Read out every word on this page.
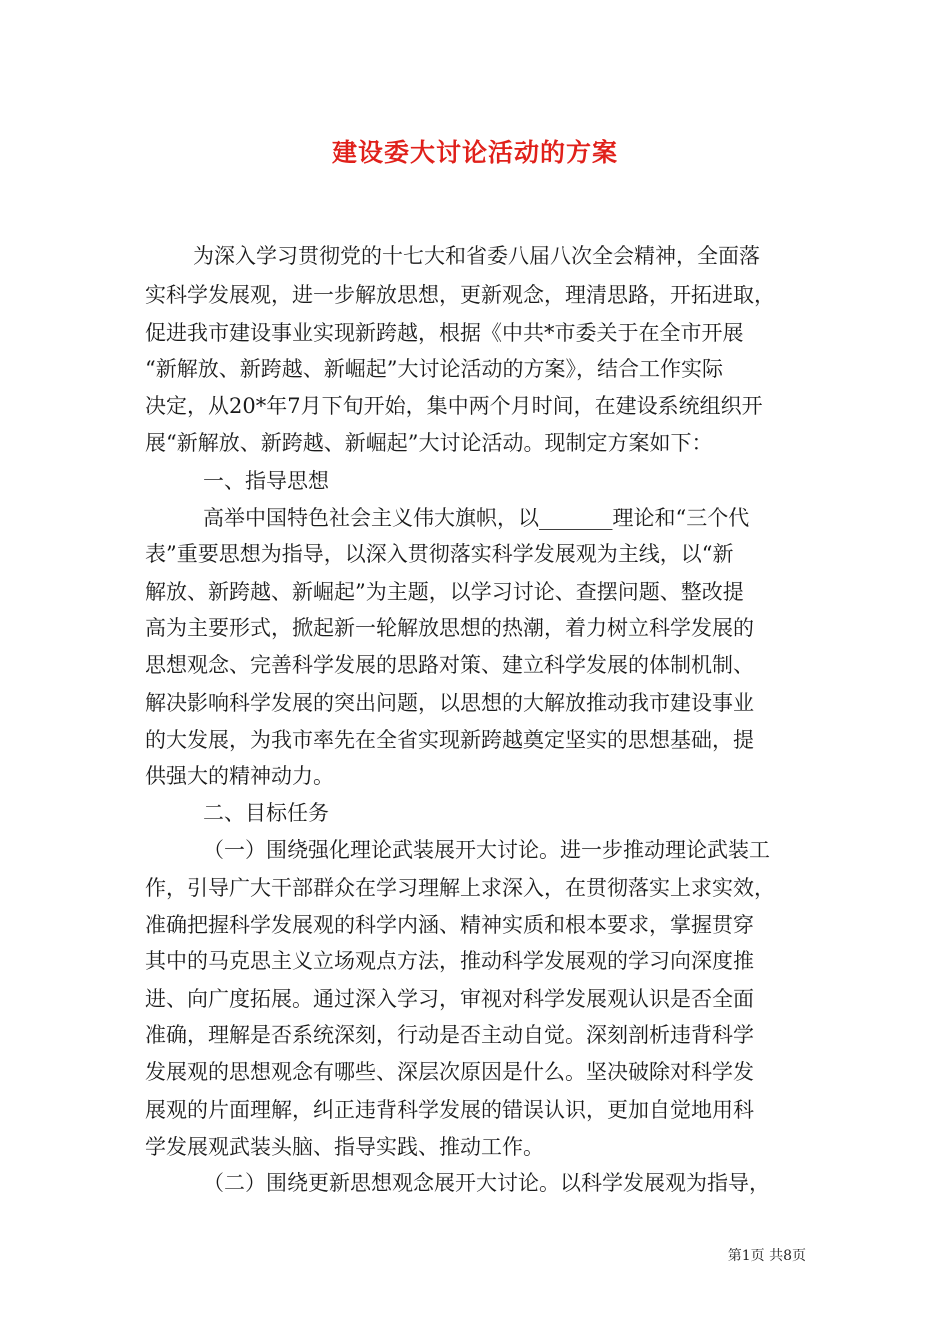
建设委大讨论活动的方案

为深入学习贯彻党的十七大和省委八届八次全会精神，全面落

实科学发展观，进一步解放思想，更新观念，理清思路，开拓进取，

促进我市建设事业实现新跨越，根据《中共*市委关于在全市开展

“新解放、新跨越、新崛起”大讨论活动的方案》，结合工作实际

决定，从20*年7月下旬开始，集中两个月时间，在建设系统组织开

展“新解放、新跨越、新崛起”大讨论活动。现制定方案如下：

一、指导思想

高举中国特色社会主义伟大旗帜，以_______理论和“三个代

表”重要思想为指导，以深入贯彻落实科学发展观为主线，以“新

解放、新跨越、新崛起”为主题，以学习讨论、查摆问题、整改提

高为主要形式，掀起新一轮解放思想的热潮，着力树立科学发展的

思想观念、完善科学发展的思路对策、建立科学发展的体制机制、

解决影响科学发展的突出问题，以思想的大解放推动我市建设事业

的大发展，为我市率先在全省实现新跨越奠定坚实的思想基础，提

供强大的精神动力。

二、目标任务

（一）围绕强化理论武装展开大讨论。进一步推动理论武装工

作，引导广大干部群众在学习理解上求深入，在贯彻落实上求实效，

准确把握科学发展观的科学内涵、精神实质和根本要求，掌握贯穿

其中的马克思主义立场观点方法，推动科学发展观的学习向深度推

进、向广度拓展。通过深入学习，审视对科学发展观认识是否全面

准确，理解是否系统深刻，行动是否主动自觉。深刻剖析违背科学

发展观的思想观念有哪些、深层次原因是什么。坚决破除对科学发

展观的片面理解，纠正违背科学发展的错误认识，更加自觉地用科

学发展观武装头脑、指导实践、推动工作。

（二）围绕更新思想观念展开大讨论。以科学发展观为指导，

第1页 共8页
